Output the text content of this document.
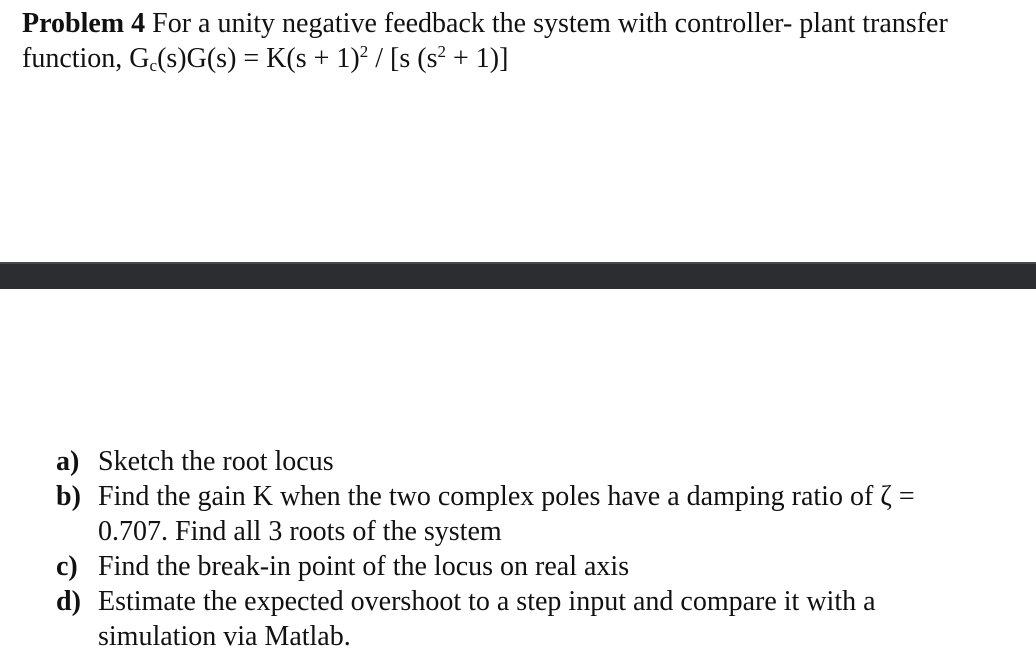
Problem 4 For a unity negative feedback the system with controller- plant transfer
function, $G_c(s)G(s) = K(s + 1)^2 / [s$ $(s^2 + 1)$]
a) Sketch the root locus
b) Find the gain K when the two complex poles have a damping ratio of ζ = 0.707. Find all 3 roots of the system
c) Find the break-in point of the locus on real axis
d) Estimate the expected overshoot to a step input and compare it with a simulation via Matlab.
